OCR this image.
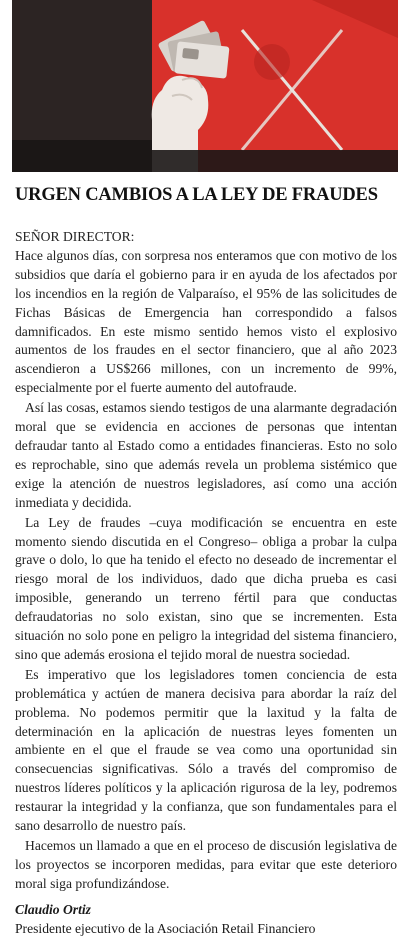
URGEN CAMBIOS A LA LEY DE FRAUDES
SEÑOR DIRECTOR:

Hace algunos días, con sorpresa nos enteramos que con motivo de los subsidios que daría el gobierno para ir en ayuda de los afectados por los incendios en la región de Valparaíso, el 95% de las solicitudes de Fichas Básicas de Emergencia han correspondido a falsos damnificados. En este mismo sentido hemos visto el explosivo aumentos de los fraudes en el sector financiero, que al año 2023 ascendieron a US$266 millones, con un incremento de 99%, especialmente por el fuerte aumento del autofraude.

Así las cosas, estamos siendo testigos de una alarmante degradación moral que se evidencia en acciones de personas que intentan defraudar tanto al Estado como a entidades financieras. Esto no solo es reprochable, sino que además revela un problema sistémico que exige la atención de nuestros legisladores, así como una acción inmediata y decidida.

La Ley de fraudes –cuya modificación se encuentra en este momento siendo discutida en el Congreso– obliga a probar la culpa grave o dolo, lo que ha tenido el efecto no deseado de incrementar el riesgo moral de los individuos, dado que dicha prueba es casi imposible, generando un terreno fértil para que conductas defraudatorias no solo existan, sino que se incrementen. Esta situación no solo pone en peligro la integridad del sistema financiero, sino que además erosiona el tejido moral de nuestra sociedad.

Es imperativo que los legisladores tomen conciencia de esta problemática y actúen de manera decisiva para abordar la raíz del problema. No podemos permitir que la laxitud y la falta de determinación en la aplicación de nuestras leyes fomenten un ambiente en el que el fraude se vea como una oportunidad sin consecuencias significativas. Sólo a través del compromiso de nuestros líderes políticos y la aplicación rigurosa de la ley, podremos restaurar la integridad y la confianza, que son fundamentales para el sano desarrollo de nuestro país.

Hacemos un llamado a que en el proceso de discusión legislativa de los proyectos se incorporen medidas, para evitar que este deterioro moral siga profundizándose.

Claudio Ortiz
Presidente ejecutivo de la Asociación Retail Financiero
